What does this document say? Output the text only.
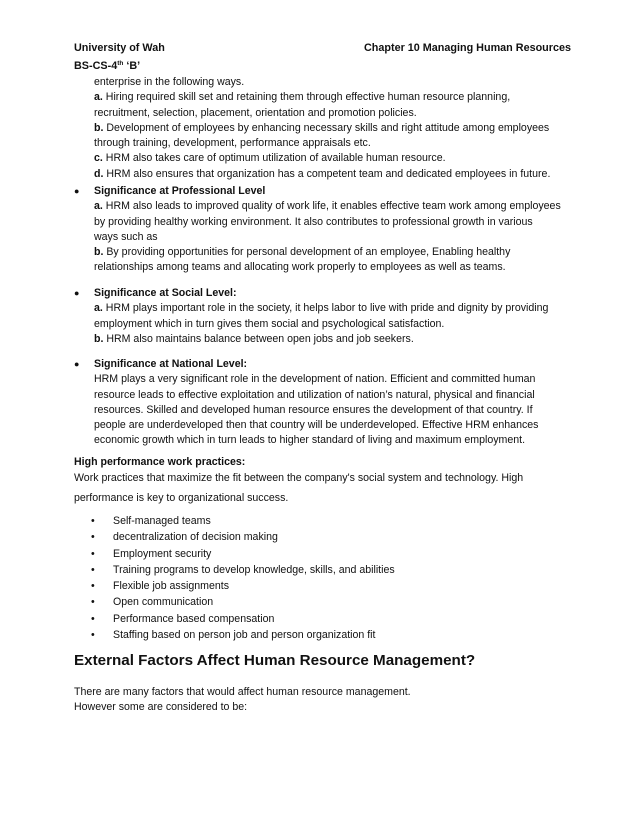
University of Wah	Chapter 10 Managing Human Resources
BS-CS-4th ‘B’
enterprise in the following ways.
a. Hiring required skill set and retaining them through effective human resource planning,
recruitment, selection, placement, orientation and promotion policies.
b. Development of employees by enhancing necessary skills and right attitude among employees
through training, development, performance appraisals etc.
c. HRM also takes care of optimum utilization of available human resource.
d. HRM also ensures that organization has a competent team and dedicated employees in future.
● Significance at Professional Level
a. HRM also leads to improved quality of work life, it enables effective team work among employees
by providing healthy working environment. It also contributes to professional growth in various
ways such as
b. By providing opportunities for personal development of an employee, Enabling healthy
relationships among teams and allocating work properly to employees as well as teams.
● Significance at Social Level:
a. HRM plays important role in the society, it helps labor to live with pride and dignity by providing
employment which in turn gives them social and psychological satisfaction.
b. HRM also maintains balance between open jobs and job seekers.
● Significance at National Level:
HRM plays a very significant role in the development of nation. Efficient and committed human
resource leads to effective exploitation and utilization of nation’s natural, physical and financial
resources. Skilled and developed human resource ensures the development of that country. If
people are underdeveloped then that country will be underdeveloped. Effective HRM enhances
economic growth which in turn leads to higher standard of living and maximum employment.
High performance work practices:
Work practices that maximize the fit between the company's social system and technology. High
performance is key to organizational success.
•	Self-managed teams
•	decentralization of decision making
•	Employment security
•	Training programs to develop knowledge, skills, and abilities
•	Flexible job assignments
•	Open communication
•	Performance based compensation
•	Staffing based on person job and person organization fit
External Factors Affect Human Resource Management?
There are many factors that would affect human resource management.
However some are considered to be:
